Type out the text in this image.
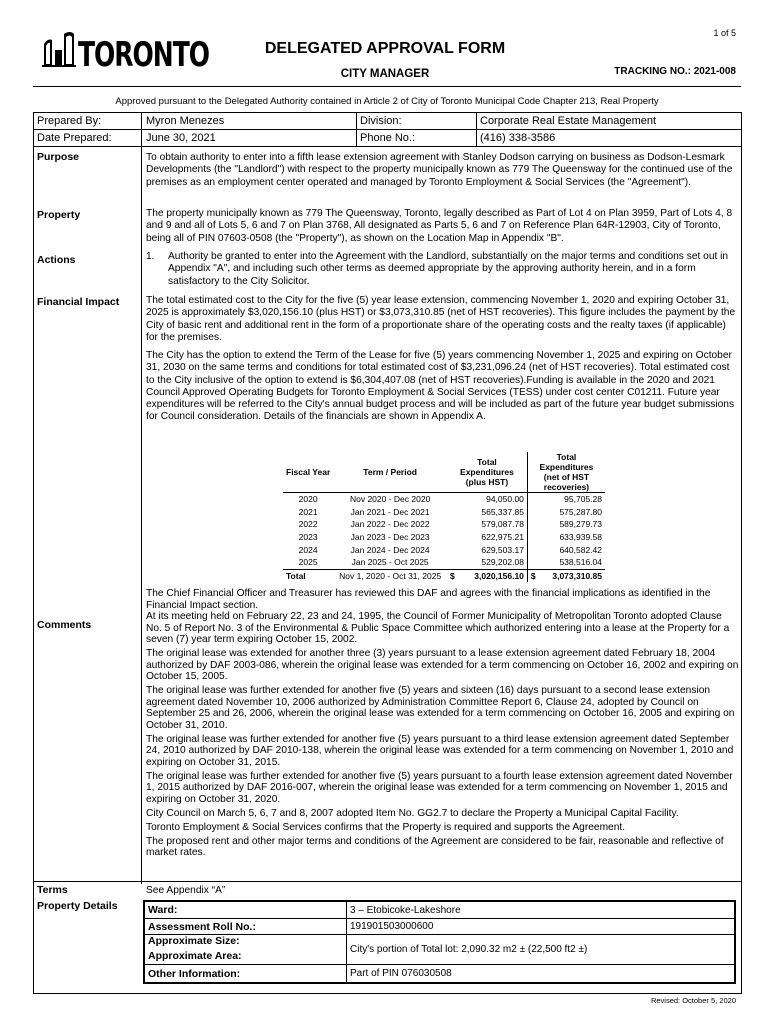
1 of 5
TORONTO	DELEGATED APPROVAL FORM
CITY MANAGER	TRACKING NO.: 2021-008
Approved pursuant to the Delegated Authority contained in Article 2 of City of Toronto Municipal Code Chapter 213, Real Property
Prepared By:	Myron Menezes	Division:	Corporate Real Estate Management
Date Prepared:	June 30, 2021	Phone No.:	(416) 338-3586
Purpose	To obtain authority to enter into a fifth lease extension agreement with Stanley Dodson carrying on business as Dodson-Lesmark Developments (the "Landlord") with respect to the property municipally known as 779 The Queensway for the continued use of the premises as an employment center operated and managed by Toronto Employment & Social Services (the "Agreement").
Property	The property municipally known as 779 The Queensway, Toronto, legally described as Part of Lot 4 on Plan 3959, Part of Lots 4, 8 and 9 and all of Lots 5, 6 and 7 on Plan 3768, All designated as Parts 5, 6 and 7 on Reference Plan 64R-12903, City of Toronto, being all of PIN 07603-0508 (the "Property"), as shown on the Location Map in Appendix "B".
Actions	1.	Authority be granted to enter into the Agreement with the Landlord, substantially on the major terms and conditions set out in Appendix "A", and including such other terms as deemed appropriate by the approving authority herein, and in a form satisfactory to the City Solicitor.
Financial Impact	The total estimated cost to the City for the five (5) year lease extension, commencing November 1, 2020 and expiring October 31, 2025 is approximately $3,020,156.10 (plus HST) or $3,073,310.85 (net of HST recoveries). This figure includes the payment by the City of basic rent and additional rent in the form of a proportionate share of the operating costs and the realty taxes (if applicable) for the premises.
The City has the option to extend the Term of the Lease for five (5) years commencing November 1, 2025 and expiring on October 31, 2030 on the same terms and conditions for total estimated cost of $3,231,096.24 (net of HST recoveries). Total estimated cost to the City inclusive of the option to extend is $6,304,407.08 (net of HST recoveries).Funding is available in the 2020 and 2021 Council Approved Operating Budgets for Toronto Employment & Social Services (TESS) under cost center C01211. Future year expenditures will be referred to the City's annual budget process and will be included as part of the future year budget submissions for Council consideration. Details of the financials are shown in Appendix A.
Fiscal Year	Term / Period	Total Expenditures (plus HST)	Total Expenditures (net of HST recoveries)
2020	Nov 2020 - Dec 2020	94,050.00	95,705.28
2021	Jan 2021 - Dec 2021	565,337.85	575,287.80
2022	Jan 2022 - Dec 2022	579,087.78	589,279.73
2023	Jan 2023 - Dec 2023	622,975.21	633,939.58
2024	Jan 2024 - Dec 2024	629,503.17	640,582.42
2025	Jan 2025 - Oct 2025	529,202.08	538,516.04
Total	Nov 1, 2020 - Oct 31, 2025	$ 3,020,156.10	$ 3,073,310.85
The Chief Financial Officer and Treasurer has reviewed this DAF and agrees with the financial implications as identified in the Financial Impact section.
Comments

At its meeting held on February 22, 23 and 24, 1995, the Council of Former Municipality of Metropolitan Toronto adopted Clause No. 5 of Report No. 3 of the Environmental & Public Space Committee which authorized entering into a lease at the Property for a seven (7) year term expiring October 15, 2002.

The original lease was extended for another three (3) years pursuant to a lease extension agreement dated February 18, 2004 authorized by DAF 2003-086, wherein the original lease was extended for a term commencing on October 16, 2002 and expiring on October 15, 2005.

The original lease was further extended for another five (5) years and sixteen (16) days pursuant to a second lease extension agreement dated November 10, 2006 authorized by Administration Committee Report 6, Clause 24, adopted by Council on September 25 and 26, 2006, wherein the original lease was extended for a term commencing on October 16, 2005 and expiring on October 31, 2010.

The original lease was further extended for another five (5) years pursuant to a third lease extension agreement dated September 24, 2010 authorized by DAF 2010-138, wherein the original lease was extended for a term commencing on November 1, 2010 and expiring on October 31, 2015.

The original lease was further extended for another five (5) years pursuant to a fourth lease extension agreement dated November 1, 2015 authorized by DAF 2016-007, wherein the original lease was extended for a term commencing on November 1, 2015 and expiring on October 31, 2020.

City Council on March 5, 6, 7 and 8, 2007 adopted Item No. GG2.7 to declare the Property a Municipal Capital Facility.

Toronto Employment & Social Services confirms that the Property is required and supports the Agreement.

The proposed rent and other major terms and conditions of the Agreement are considered to be fair, reasonable and reflective of market rates.

Terms	See Appendix “A”
Property Details	Ward:	3 – Etobicoke-Lakeshore
Assessment Roll No.:	191901503000600
Approximate Size:	City's portion of Total lot: 2,090.32 m2 ± (22,500 ft2 ±)
Approximate Area:	
Other Information:	Part of PIN 076030508
Revised: October 5, 2020
